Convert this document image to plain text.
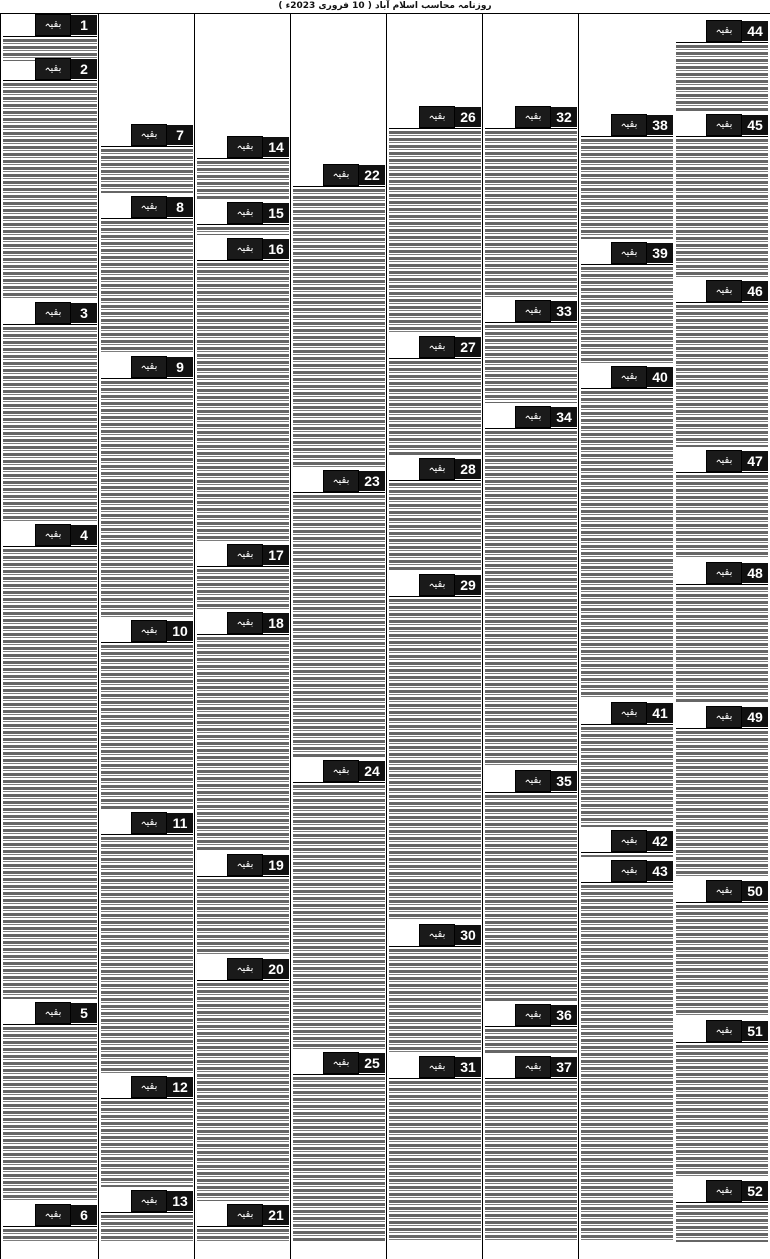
روزنامہ محاسب اسلام آباد ( 10 فروری 2023ء )
44
بقیہ
45
بقیہ
46
بقیہ
47
بقیہ
48
بقیہ
49
بقیہ
50
بقیہ
51
بقیہ
52
بقیہ
38
بقیہ
39
بقیہ
40
بقیہ
41
بقیہ
42
بقیہ
43
بقیہ
32
بقیہ
33
بقیہ
34
بقیہ
35
بقیہ
36
بقیہ
37
بقیہ
26
بقیہ
27
بقیہ
28
بقیہ
29
بقیہ
30
بقیہ
31
بقیہ
22
بقیہ
23
بقیہ
24
بقیہ
25
بقیہ
14
بقیہ
15
بقیہ
16
بقیہ
17
بقیہ
18
بقیہ
19
بقیہ
20
بقیہ
21
بقیہ
7
بقیہ
8
بقیہ
9
بقیہ
10
بقیہ
11
بقیہ
12
بقیہ
13
بقیہ
1
بقیہ
2
بقیہ
3
بقیہ
4
بقیہ
5
بقیہ
6
بقیہ
